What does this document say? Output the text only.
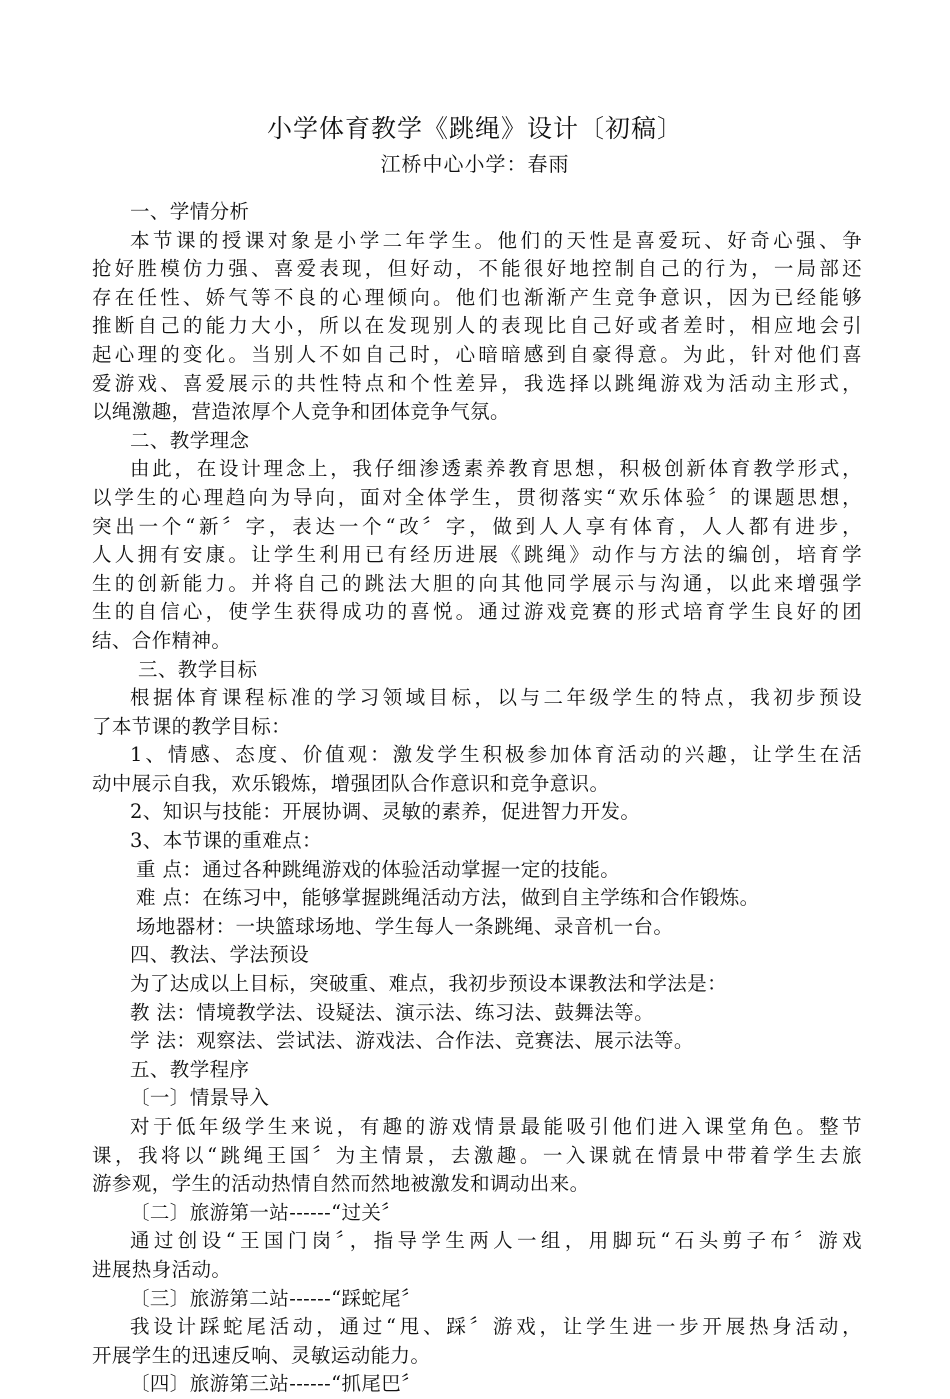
小学体育教学《跳绳》设计〔初稿〕
江桥中心小学：春雨
一、学情分析
本节课的授课对象是小学二年学生。他们的天性是喜爱玩、好奇心强、争
抢好胜模仿力强、喜爱表现，但好动，不能很好地控制自己的行为，一局部还
存在任性、娇气等不良的心理倾向。他们也渐渐产生竞争意识，因为已经能够
推断自己的能力大小，所以在发现别人的表现比自己好或者差时，相应地会引
起心理的变化。当别人不如自己时，心暗暗感到自豪得意。为此，针对他们喜
爱游戏、喜爱展示的共性特点和个性差异，我选择以跳绳游戏为活动主形式，
以绳激趣，营造浓厚个人竞争和团体竞争气氛。
二、教学理念
由此，在设计理念上，我仔细渗透素养教育思想，积极创新体育教学形式，
以学生的心理趋向为导向，面对全体学生，贯彻落实“欢乐体验〞的课题思想，
突出一个“新〞字，表达一个“改〞字，做到人人享有体育，人人都有进步，
人人拥有安康。让学生利用已有经历进展《跳绳》动作与方法的编创，培育学
生的创新能力。并将自己的跳法大胆的向其他同学展示与沟通，以此来增强学
生的自信心，使学生获得成功的喜悦。通过游戏竞赛的形式培育学生良好的团
结、合作精神。
三、教学目标
根据体育课程标准的学习领域目标，以与二年级学生的特点，我初步预设
了本节课的教学目标：
1、情感、态度、价值观：激发学生积极参加体育活动的兴趣，让学生在活
动中展示自我，欢乐锻炼，增强团队合作意识和竞争意识。
2、知识与技能：开展协调、灵敏的素养，促进智力开发。
3、本节课的重难点：
重 点：通过各种跳绳游戏的体验活动掌握一定的技能。
难 点：在练习中，能够掌握跳绳活动方法，做到自主学练和合作锻炼。
场地器材：一块篮球场地、学生每人一条跳绳、录音机一台。
四、教法、学法预设
为了达成以上目标，突破重、难点，我初步预设本课教法和学法是：
教 法：情境教学法、设疑法、演示法、练习法、鼓舞法等。
学 法：观察法、尝试法、游戏法、合作法、竞赛法、展示法等。
五、教学程序
〔一〕情景导入
对于低年级学生来说，有趣的游戏情景最能吸引他们进入课堂角色。整节
课，我将以“跳绳王国〞为主情景，去激趣。一入课就在情景中带着学生去旅
游参观，学生的活动热情自然而然地被激发和调动出来。
〔二〕旅游第一站------“过关〞
通过创设“王国门岗〞，指导学生两人一组，用脚玩“石头剪子布〞游戏
进展热身活动。
〔三〕旅游第二站------“踩蛇尾〞
我设计踩蛇尾活动，通过“甩、踩〞游戏，让学生进一步开展热身活动，
开展学生的迅速反响、灵敏运动能力。
〔四〕旅游第三站------“抓尾巴〞
